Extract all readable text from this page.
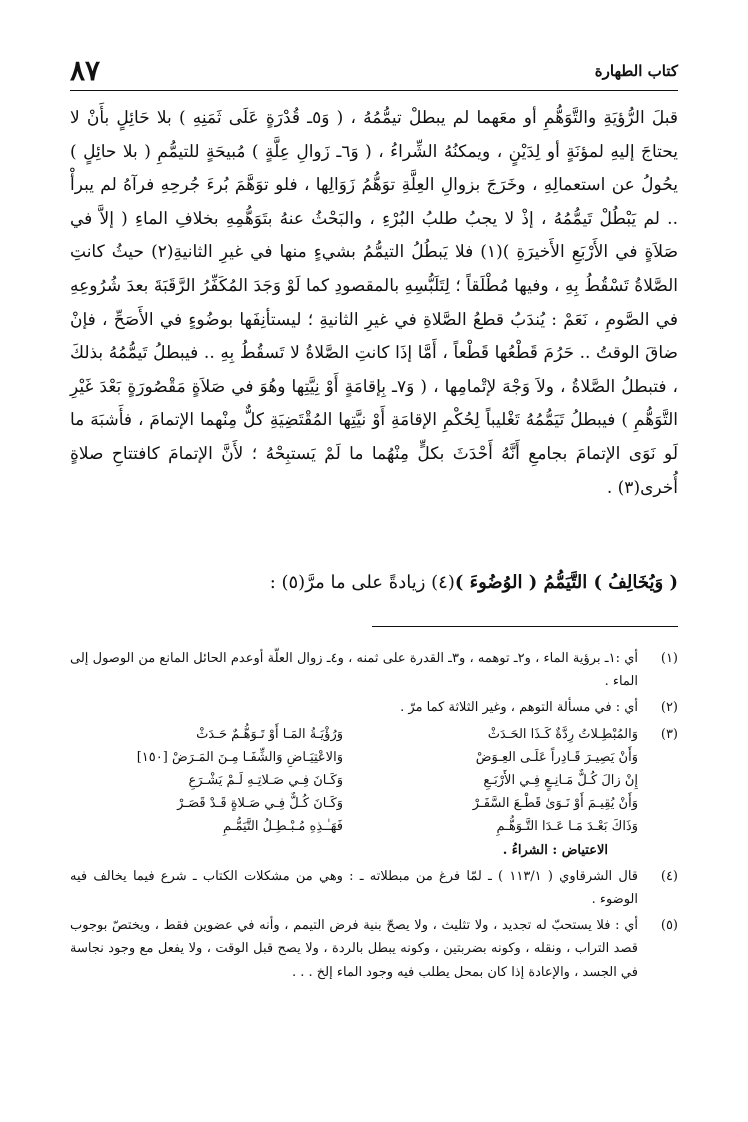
كتاب الطهارة
٨٧

قبلَ الرُّؤيَةِ والتَّوَهُّمِ أو معَهما لم يبطلْ تيمُّمُهُ ، ( وَ٥ـ قُدْرَةٍ عَلَى ثَمَنِهِ ) بلا حَائِلٍ بأَنْ لا يحتاجَ إليهِ لمؤنَةٍ أو لِدَيْنٍ ، ويمكنُهُ الشِّراءُ ، ( وَ٦ـ زَوالِ عِلَّةٍ ) مُبيحَةٍ للتيمُّمِ ( بلا حائِلٍ ) يحُولُ عن استعمالِهِ ، وخَرَجَ بزوالِ العِلَّةِ توَهُّمُ زَوَالِها ، فلو توَهَّمَ بُرءَ جُرحِهِ فرآهُ لم يبرأْ .. لم يَبْطُلْ تَيمُّمُهُ ، إذْ لا يجبُ طلبُ البُرْءِ ، والبَحْثُ عنهُ بتَوَهُّمِهِ بخلافِ الماءِ ( إلاَّ في صَلاَةٍ في الأَرْبَعِ الأَخيرَةِ )(١) فلا يَبطُلُ التيمُّمُ بشيءٍ منها في غيرِ الثانيةِ(٢) حيثُ كانتِ الصَّلاةُ تَسْقُطُ بِهِ ، وفيها مُطْلَقاً ؛ لِتَلَبُّسِهِ بالمقصودِ كما لَوْ وَجَدَ المُكَفِّرُ الرَّقَبَةَ بعدَ شُرُوعِهِ في الصَّومِ ، نَعَمْ : يُندَبُ قطعُ الصَّلاةِ في غيرِ الثانيةِ ؛ ليستأنِفَها بوضُوءٍ في الأَصَحِّ ، فإنْ ضاقَ الوقتُ .. حَرُمَ قَطْعُها قَطْعاً ، أَمَّا إذَا كانتِ الصَّلاةُ لا تَسقُطُ بِهِ .. فيبطلُ تَيمُّمُهُ بذلكَ ، فتبطلُ الصَّلاةُ ، ولاَ وَجْهَ لإتْمامِها ، ( وَ٧ـ بِإقامَةٍ أَوْ نِيَّتِها وهُوَ في صَلاَةٍ مَقْصُورَةٍ بَعْدَ غَيْرِ التَّوَهُّمِ ) فيبطلُ تَيَمُّمُهُ تَغْليباً لِحُكْمِ الإقامَةِ أَوْ نيَّتِها المُقْتَضِيَةِ كلٌّ مِنْهما الإتمامَ ، فأَشبَهَ ما لَو نَوَى الإتمامَ بجامعِ أَنَّهُ أَحْدَثَ بكلٍّ مِنْهُما ما لَمْ يَستبِحْهُ ؛ لأَنَّ الإتمامَ كافتتاحِ صلاةٍ أُخرى(٣) .

( وَيُخَالِفُ ) التَّيَمُّمُ ( الوُضُوءَ )(٤) زيادةً على ما مرَّ(٥) :
(١)
أي :١ـ برؤية الماء ، و٢ـ توهمه ، و٣ـ القدرة على ثمنه ، و٤ـ زوال العلّة أوعدم الحائل المانع من الوصول إلى الماء .
(٢)
أي : في مسألة التوهم ، وغير الثلاثة كما مرّ .
(٣)
وَالمُبْطِـلاتُ رِدَّةٌ كَـذَا الحَـدَثْ
وَرُؤْيَـةُ المَـا أَوْ تَـوَهُّـمٌ حَـدَثْ
وَأَنْ يَصِيـرَ قَـادِراً عَلَـى العِـوَضْ
وَالاعْتِيَـاضِ وَالشِّفَـا مِـنَ المَـرَضْ [١٥٠]
إِنْ زالَ كُـلٌّ مَـانِـعٍ فِـي الأَرْبَـعِ
وَكَـانَ فِـي صَـلاتِـهِ لَـمْ يَشْـرَعِ
وَأَنْ يُقِيـمَ أَوْ نَـوَىٰ قَطْـعَ السَّفَـرْ
وَكَـانَ كُـلٌّ فِـي صَـلاةٍ قَـدْ قَصَـرْ
وَذَاكَ بَعْـدَ مَـا عَـدَا التَّـوَهُّـمِ
فَهَـٰـذِهِ مُـبْـطِـلُ التَّيَمُّـمِ
الاعتياض : الشراءُ .
(٤)
قال الشرقاوي ( ١١٣/١ ) ـ لمّا فرغ من مبطلاته ـ : وهي من مشكلات الكتاب ـ شرع فيما يخالف فيه الوضوء .
(٥)
أي : فلا يستحبّ له تجديد ، ولا تثليث ، ولا يصحّ بنية فرض التيمم ، وأنه في عضوين فقط ، ويختصّ بوجوب قصد التراب ، ونقله ، وكونه بضربتين ، وكونه يبطل بالردة ، ولا يصح قبل الوقت ، ولا يفعل مع وجود نجاسة في الجسد ، والإعادة إذا كان بمحل يطلب فيه وجود الماء إلخ . . .
